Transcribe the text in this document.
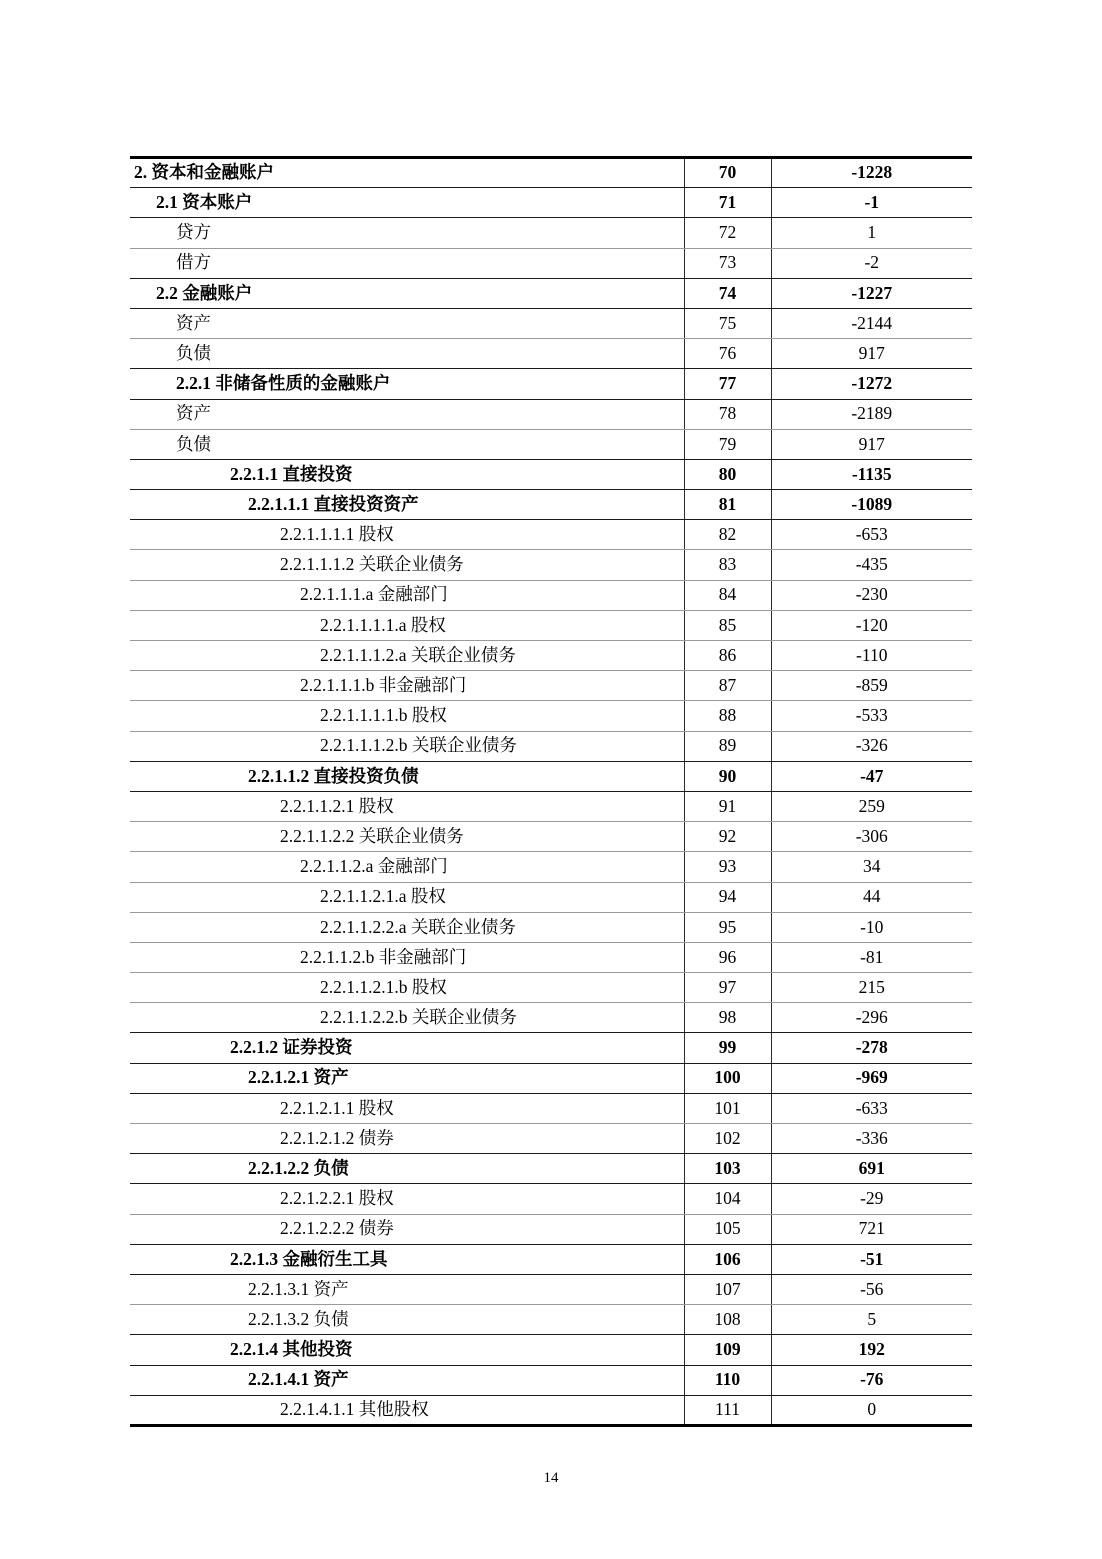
2. 资本和金融账户	70	-1228
2.1 资本账户	71	-1
贷方	72	1
借方	73	-2
2.2 金融账户	74	-1227
资产	75	-2144
负债	76	917
2.2.1 非储备性质的金融账户	77	-1272
资产	78	-2189
负债	79	917
2.2.1.1 直接投资	80	-1135
2.2.1.1.1 直接投资资产	81	-1089
2.2.1.1.1.1 股权	82	-653
2.2.1.1.1.2 关联企业债务	83	-435
2.2.1.1.1.a 金融部门	84	-230
2.2.1.1.1.1.a 股权	85	-120
2.2.1.1.1.2.a 关联企业债务	86	-110
2.2.1.1.1.b 非金融部门	87	-859
2.2.1.1.1.1.b 股权	88	-533
2.2.1.1.1.2.b 关联企业债务	89	-326
2.2.1.1.2 直接投资负债	90	-47
2.2.1.1.2.1 股权	91	259
2.2.1.1.2.2 关联企业债务	92	-306
2.2.1.1.2.a 金融部门	93	34
2.2.1.1.2.1.a 股权	94	44
2.2.1.1.2.2.a 关联企业债务	95	-10
2.2.1.1.2.b 非金融部门	96	-81
2.2.1.1.2.1.b 股权	97	215
2.2.1.1.2.2.b 关联企业债务	98	-296
2.2.1.2 证券投资	99	-278
2.2.1.2.1 资产	100	-969
2.2.1.2.1.1 股权	101	-633
2.2.1.2.1.2 债券	102	-336
2.2.1.2.2 负债	103	691
2.2.1.2.2.1 股权	104	-29
2.2.1.2.2.2 债券	105	721
2.2.1.3 金融衍生工具	106	-51
2.2.1.3.1 资产	107	-56
2.2.1.3.2 负债	108	5
2.2.1.4 其他投资	109	192
2.2.1.4.1 资产	110	-76
2.2.1.4.1.1 其他股权	111	0
14
